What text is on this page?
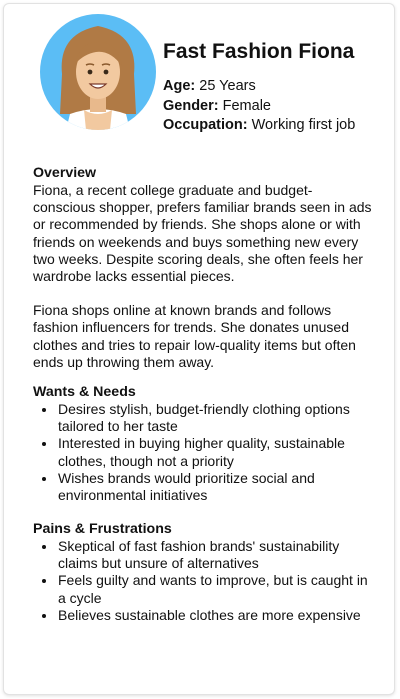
Fast Fashion Fiona
Age: 25 Years
Gender: Female
Occupation: Working first job
Overview

Fiona, a recent college graduate and budget-conscious shopper, prefers familiar brands seen in ads or recommended by friends. She shops alone or with friends on weekends and buys something new every two weeks. Despite scoring deals, she often feels her wardrobe lacks essential pieces.

Fiona shops online at known brands and follows fashion influencers for trends. She donates unused clothes and tries to repair low-quality items but often ends up throwing them away.

Wants & Needs
• Desires stylish, budget-friendly clothing options tailored to her taste
• Interested in buying higher quality, sustainable clothes, though not a priority
• Wishes brands would prioritize social and environmental initiatives
Pains & Frustrations
• Skeptical of fast fashion brands' sustainability claims but unsure of alternatives
• Feels guilty and wants to improve, but is caught in a cycle
• Believes sustainable clothes are more expensive
